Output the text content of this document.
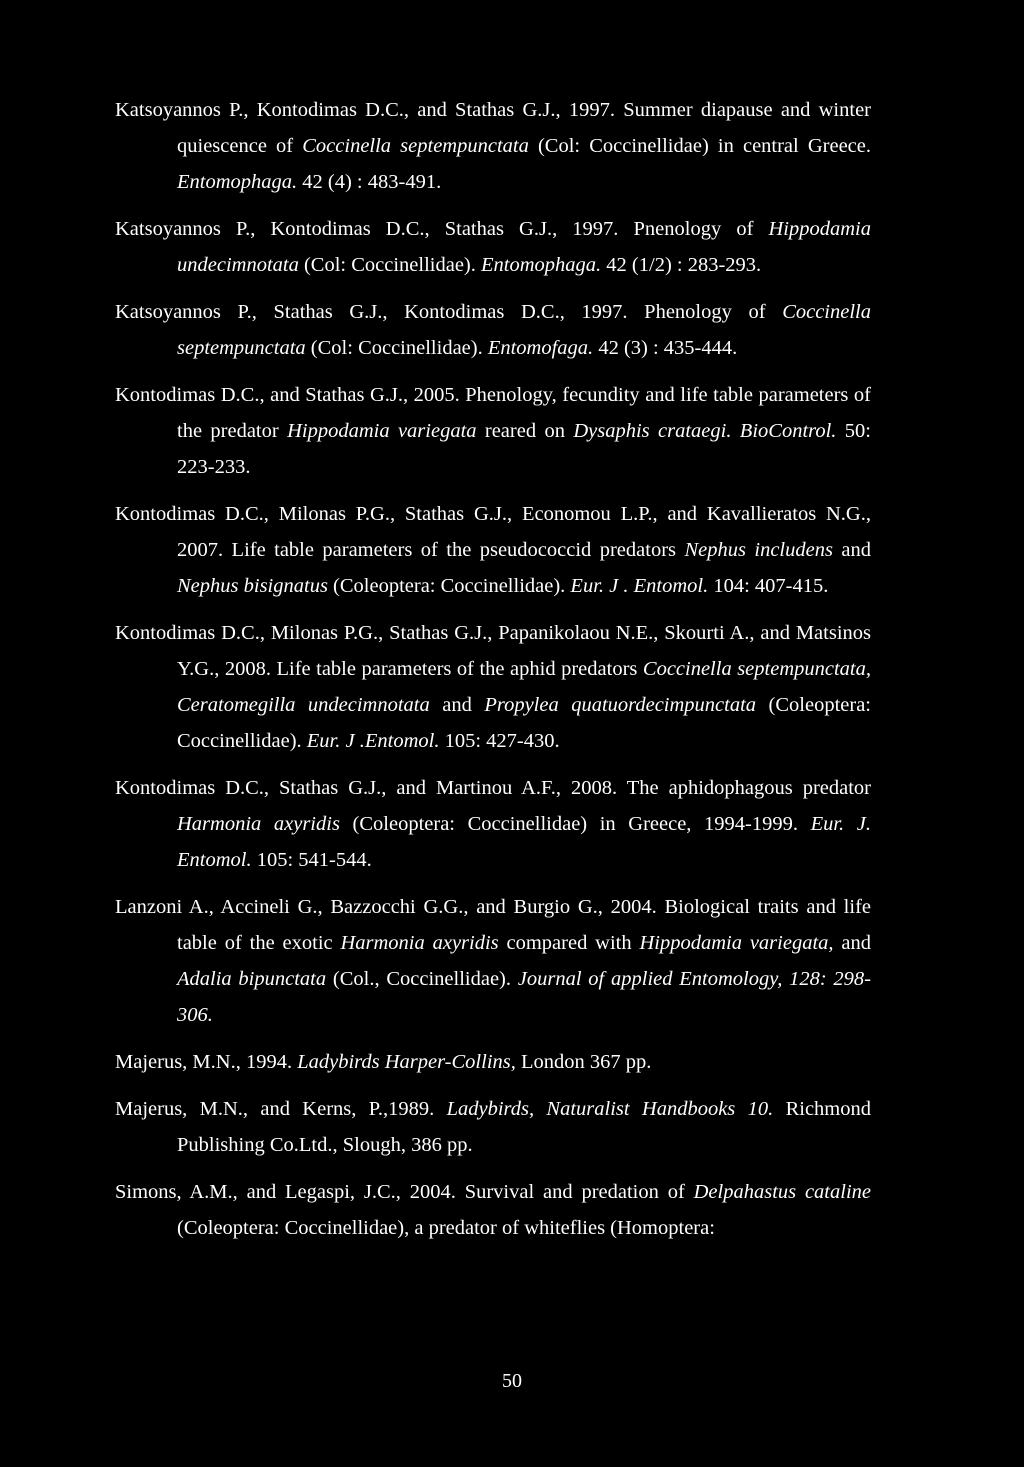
Katsoyannos P., Kontodimas D.C., and Stathas G.J., 1997. Summer diapause and winter quiescence of Coccinella septempunctata (Col: Coccinellidae) in central Greece. Entomophaga. 42 (4) : 483-491.

Katsoyannos P., Kontodimas D.C., Stathas G.J., 1997. Pnenology of Hippodamia undecimnotata (Col: Coccinellidae). Entomophaga. 42 (1/2) : 283-293.

Katsoyannos P., Stathas G.J., Kontodimas D.C., 1997. Phenology of Coccinella septempunctata (Col: Coccinellidae). Entomofaga. 42 (3) : 435-444.

Kontodimas D.C., and Stathas G.J., 2005. Phenology, fecundity and life table parameters of the predator Hippodamia variegata reared on Dysaphis crataegi. BioControl. 50: 223-233.

Kontodimas D.C., Milonas P.G., Stathas G.J., Economou L.P., and Kavallieratos N.G., 2007. Life table parameters of the pseudococcid predators Nephus includens and Nephus bisignatus (Coleoptera: Coccinellidae). Eur. J . Entomol. 104: 407-415.

Kontodimas D.C., Milonas P.G., Stathas G.J., Papanikolaou N.E., Skourti A., and Matsinos Y.G., 2008. Life table parameters of the aphid predators Coccinella septempunctata, Ceratomegilla undecimnotata and Propylea quatuordecimpunctata (Coleoptera: Coccinellidae). Eur. J .Entomol. 105: 427-430.

Kontodimas D.C., Stathas G.J., and Martinou A.F., 2008. The aphidophagous predator Harmonia axyridis (Coleoptera: Coccinellidae) in Greece, 1994-1999. Eur. J. Entomol. 105: 541-544.

Lanzoni A., Accineli G., Bazzocchi G.G., and Burgio G., 2004. Biological traits and life table of the exotic Harmonia axyridis compared with Hippodamia variegata, and Adalia bipunctata (Col., Coccinellidae). Journal of applied Entomology, 128: 298-306.

Majerus, M.N., 1994. Ladybirds Harper-Collins, London 367 pp.

Majerus, M.N., and Kerns, P.,1989. Ladybirds, Naturalist Handbooks 10. Richmond Publishing Co.Ltd., Slough, 386 pp.

Simons, A.M., and Legaspi, J.C., 2004. Survival and predation of Delpahastus cataline (Coleoptera: Coccinellidae), a predator of whiteflies (Homoptera:

50
